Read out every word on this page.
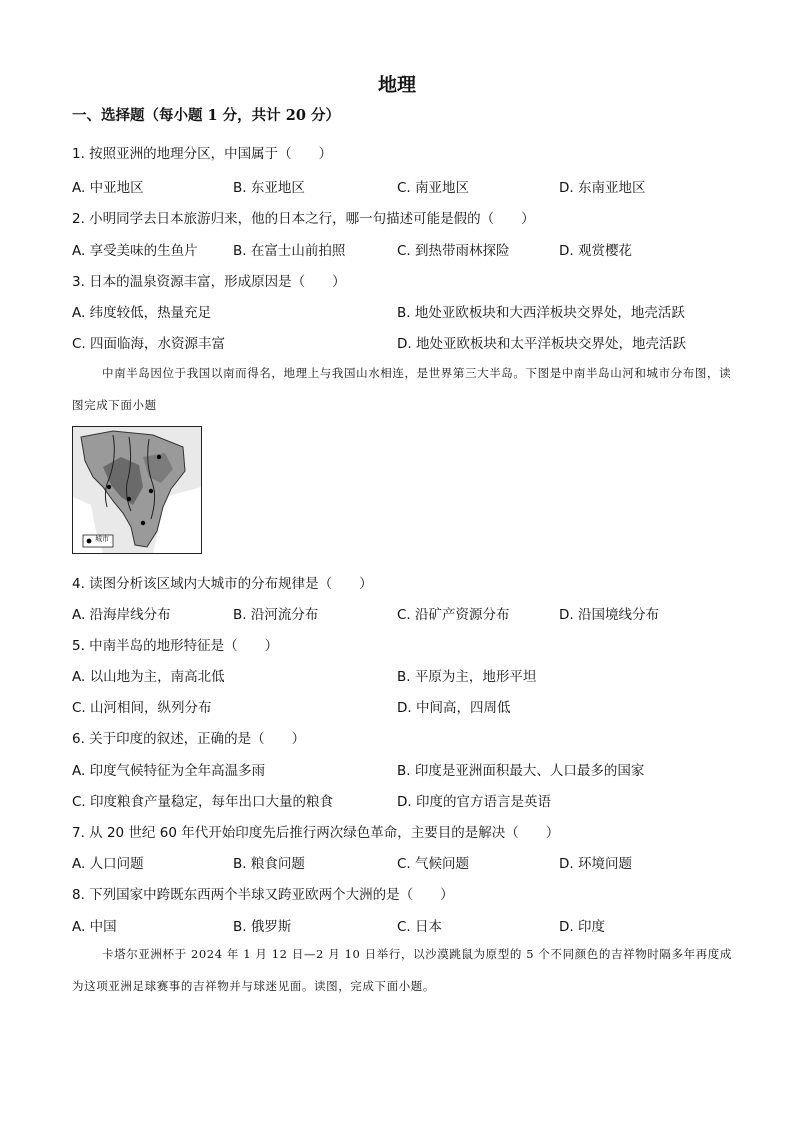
地理
一、选择题（每小题 1 分，共计 20 分）
1. 按照亚洲的地理分区，中国属于（　　）
A. 中亚地区	B. 东亚地区	C. 南亚地区	D. 东南亚地区
2. 小明同学去日本旅游归来，他的日本之行，哪一句描述可能是假的（　　）
A. 享受美味的生鱼片	B. 在富士山前拍照	C. 到热带雨林探险	D. 观赏樱花
3. 日本的温泉资源丰富，形成原因是（　　）
A. 纬度较低，热量充足	B. 地处亚欧板块和大西洋板块交界处，地壳活跃
C. 四面临海，水资源丰富	D. 地处亚欧板块和太平洋板块交界处，地壳活跃
中南半岛因位于我国以南而得名，地理上与我国山水相连，是世界第三大半岛。下图是中南半岛山河和城市分布图，读图完成下面小题
城市
4. 读图分析该区域内大城市的分布规律是（　　）
A. 沿海岸线分布	B. 沿河流分布	C. 沿矿产资源分布	D. 沿国境线分布
5. 中南半岛的地形特征是（　　）
A. 以山地为主，南高北低	B. 平原为主，地形平坦
C. 山河相间，纵列分布	D. 中间高，四周低
6. 关于印度的叙述，正确的是（　　）
A. 印度气候特征为全年高温多雨	B. 印度是亚洲面积最大、人口最多的国家
C. 印度粮食产量稳定，每年出口大量的粮食	D. 印度的官方语言是英语
7. 从 20 世纪 60 年代开始印度先后推行两次绿色革命，主要目的是解决（　　）
A. 人口问题	B. 粮食问题	C. 气候问题	D. 环境问题
8. 下列国家中跨既东西两个半球又跨亚欧两个大洲的是（　　）
A. 中国	B. 俄罗斯	C. 日本	D. 印度
卡塔尔亚洲杯于 2024 年 1 月 12 日—2 月 10 日举行，以沙漠跳鼠为原型的 5 个不同颜色的吉祥物时隔多年再度成为这项亚洲足球赛事的吉祥物并与球迷见面。读图，完成下面小题。
